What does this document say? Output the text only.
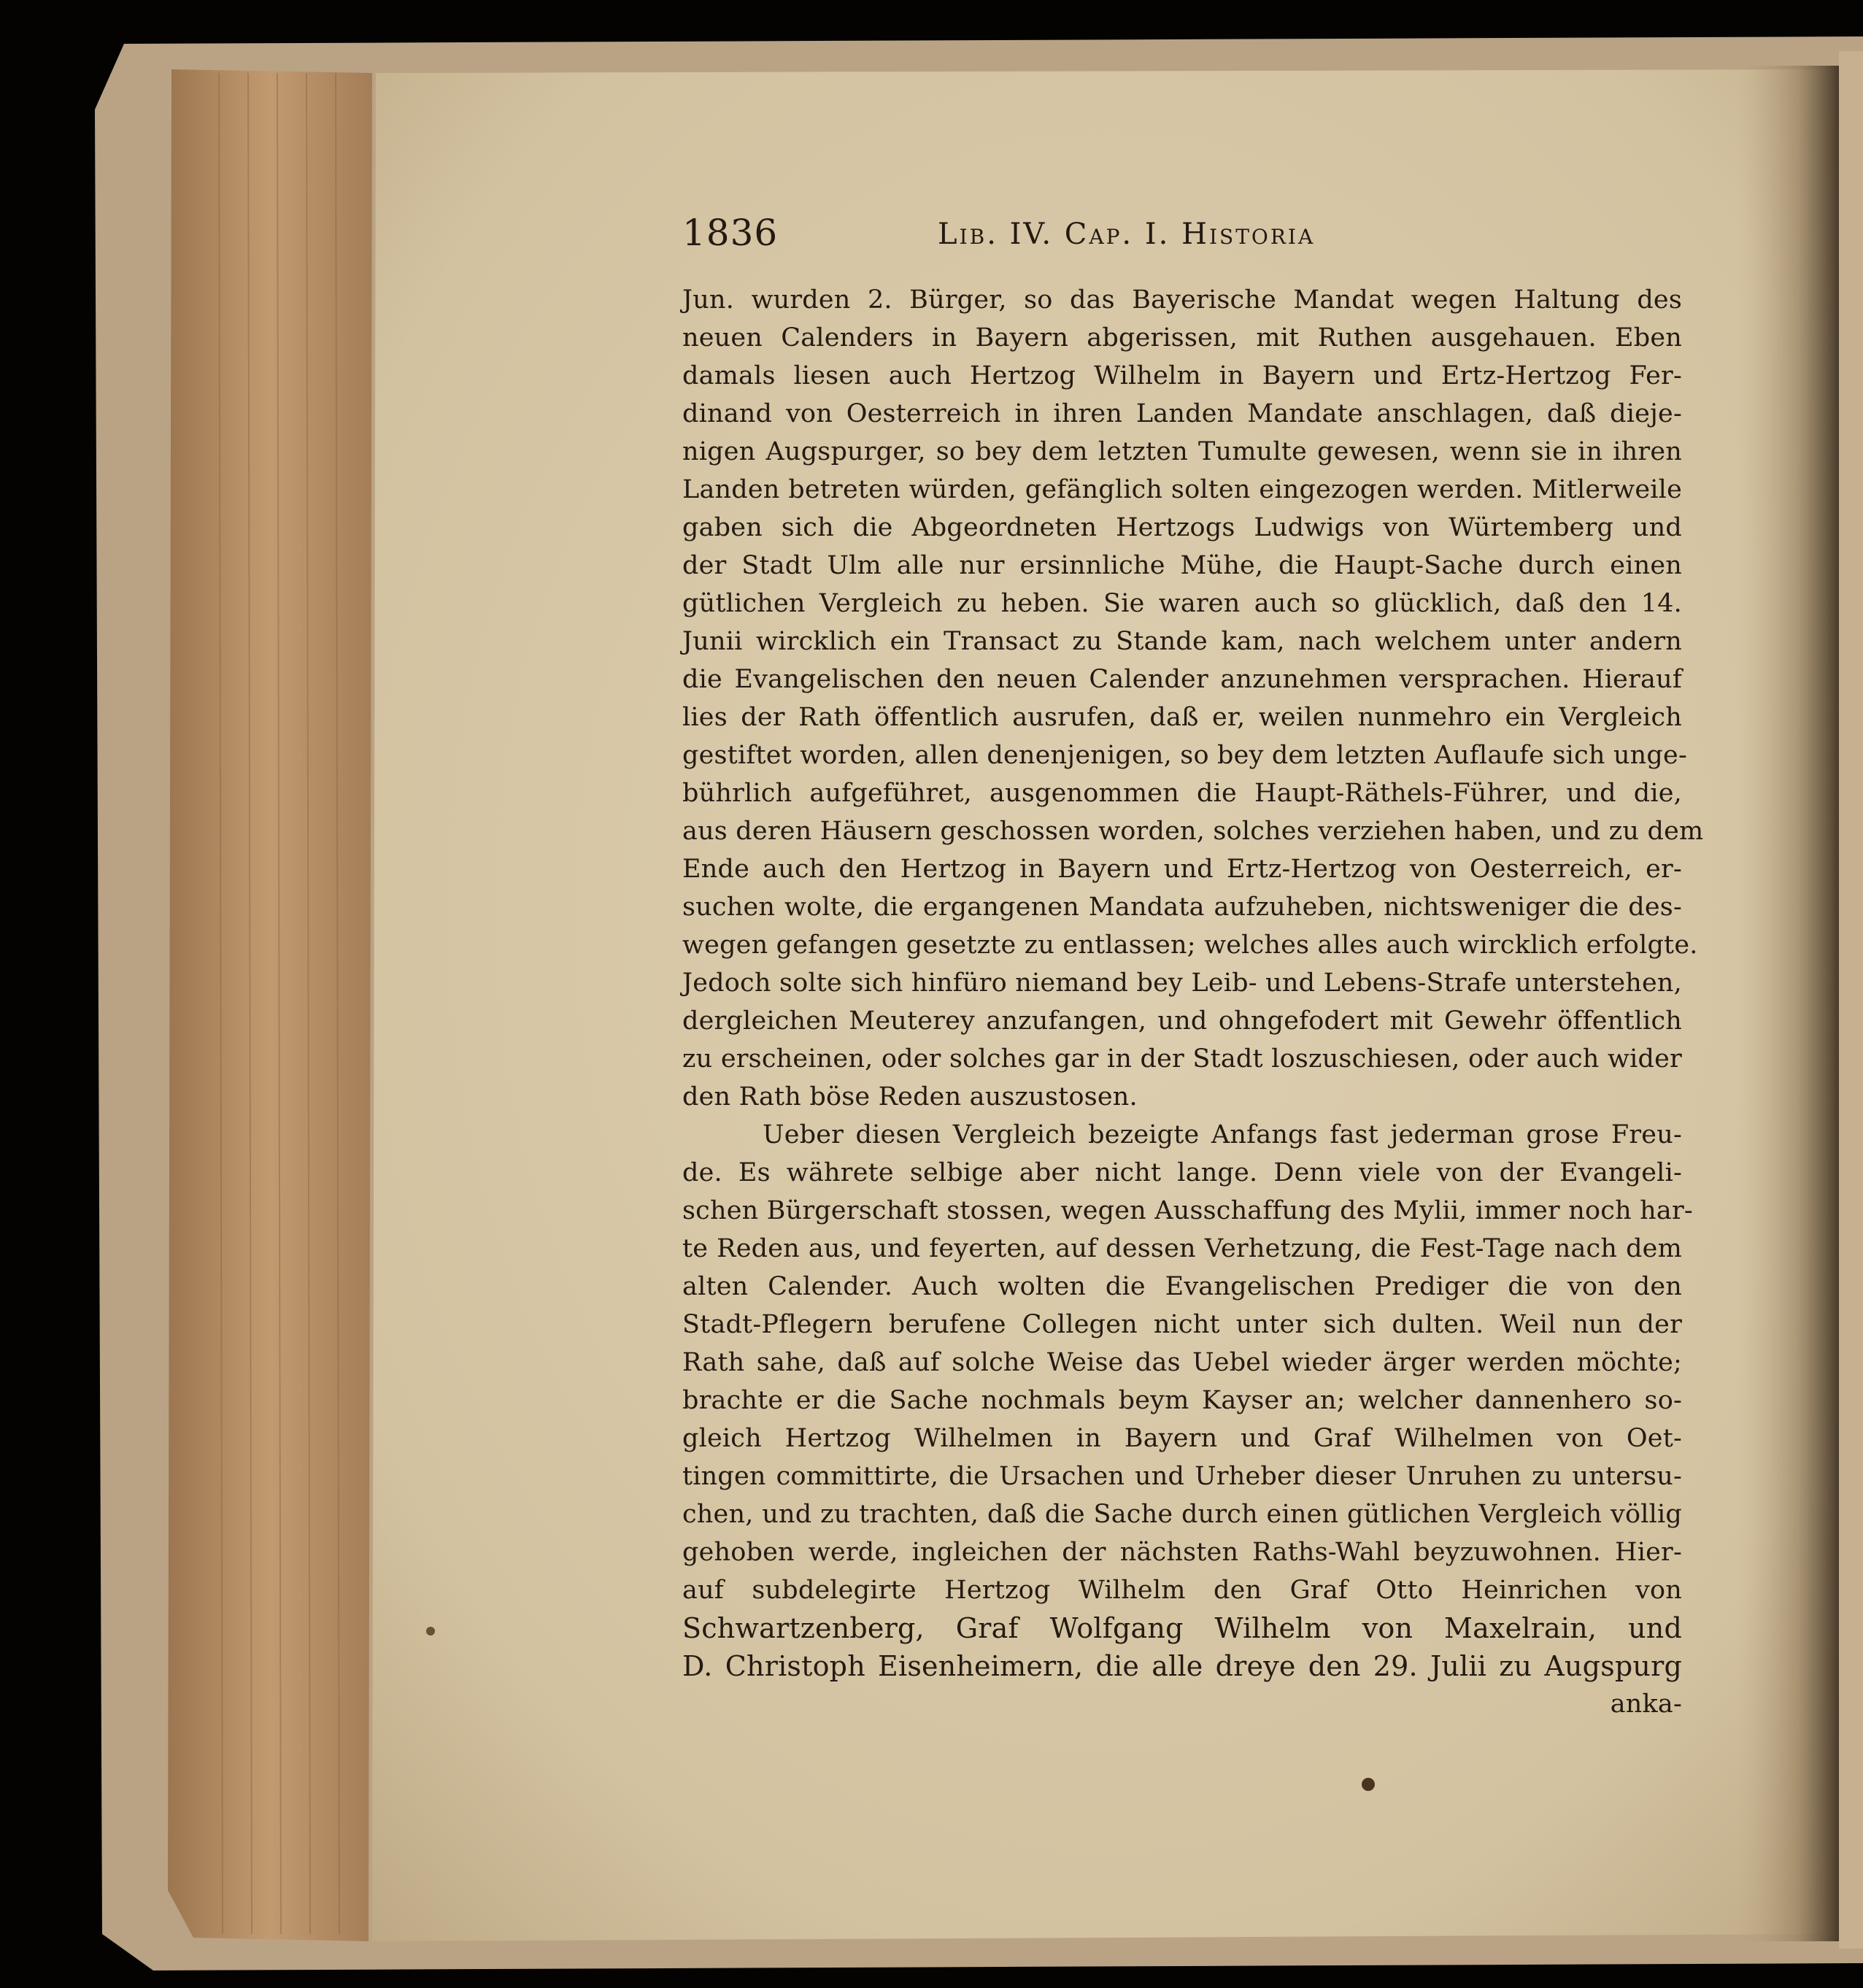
1836	Lib. IV. Cap. I. Historia
Jun. wurden 2. Bürger, so das Bayerische Mandat wegen Haltung des
neuen Calenders in Bayern abgerissen, mit Ruthen ausgehauen. Eben
damals liesen auch Hertzog Wilhelm in Bayern und Ertz-Hertzog Fer-
dinand von Oesterreich in ihren Landen Mandate anschlagen, daß dieje-
nigen Augspurger, so bey dem letzten Tumulte gewesen, wenn sie in ihren
Landen betreten würden, gefänglich solten eingezogen werden. Mitlerweile
gaben sich die Abgeordneten Hertzogs Ludwigs von Würtemberg und
der Stadt Ulm alle nur ersinnliche Mühe, die Haupt-Sache durch einen
gütlichen Vergleich zu heben. Sie waren auch so glücklich, daß den 14.
Junii wircklich ein Transact zu Stande kam, nach welchem unter andern
die Evangelischen den neuen Calender anzunehmen versprachen. Hierauf
lies der Rath öffentlich ausrufen, daß er, weilen nunmehro ein Vergleich
gestiftet worden, allen denenjenigen, so bey dem letzten Auflaufe sich unge-
bührlich aufgeführet, ausgenommen die Haupt-Räthels-Führer, und die,
aus deren Häusern geschossen worden, solches verziehen haben, und zu dem
Ende auch den Hertzog in Bayern und Ertz-Hertzog von Oesterreich, er-
suchen wolte, die ergangenen Mandata aufzuheben, nichtsweniger die des-
wegen gefangen gesetzte zu entlassen; welches alles auch wircklich erfolgte.
Jedoch solte sich hinfüro niemand bey Leib- und Lebens-Strafe unterstehen,
dergleichen Meuterey anzufangen, und ohngefodert mit Gewehr öffentlich
zu erscheinen, oder solches gar in der Stadt loszuschiesen, oder auch wider
den Rath böse Reden auszustosen.
Ueber diesen Vergleich bezeigte Anfangs fast jederman grose Freu-
de. Es währete selbige aber nicht lange. Denn viele von der Evangeli-
schen Bürgerschaft stossen, wegen Ausschaffung des Mylii, immer noch har-
te Reden aus, und feyerten, auf dessen Verhetzung, die Fest-Tage nach dem
alten Calender. Auch wolten die Evangelischen Prediger die von den
Stadt-Pflegern berufene Collegen nicht unter sich dulten. Weil nun der
Rath sahe, daß auf solche Weise das Uebel wieder ärger werden möchte;
brachte er die Sache nochmals beym Kayser an; welcher dannenhero so-
gleich Hertzog Wilhelmen in Bayern und Graf Wilhelmen von Oet-
tingen committirte, die Ursachen und Urheber dieser Unruhen zu untersu-
chen, und zu trachten, daß die Sache durch einen gütlichen Vergleich völlig
gehoben werde, ingleichen der nächsten Raths-Wahl beyzuwohnen. Hier-
auf subdelegirte Hertzog Wilhelm den Graf Otto Heinrichen von
Schwartzenberg, Graf Wolfgang Wilhelm von Maxelrain, und
D. Christoph Eisenheimern, die alle dreye den 29. Julii zu Augspurg
anka-
